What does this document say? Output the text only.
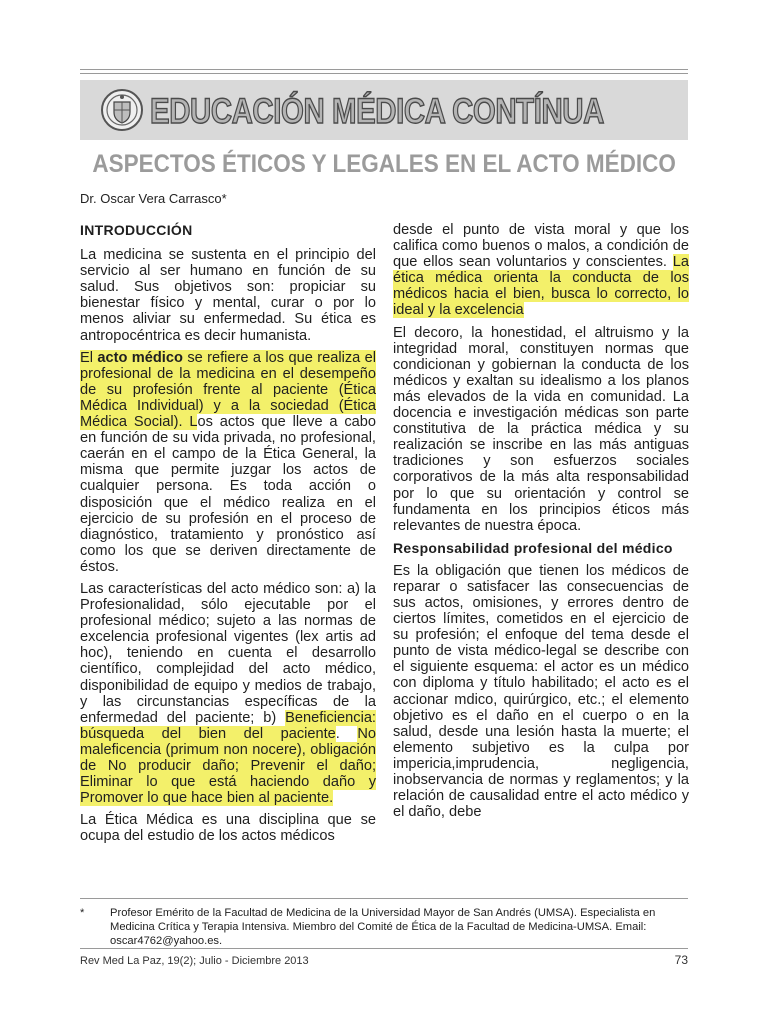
EDUCACIÓN MÉDICA CONTÍNUA
ASPECTOS ÉTICOS Y LEGALES EN EL ACTO MÉDICO
Dr. Oscar Vera Carrasco*
INTRODUCCIÓN

La medicina se sustenta en el principio del servicio al ser humano en función de su salud. Sus objetivos son: propiciar su bienestar físico y mental, curar o por lo menos aliviar su enfermedad. Su ética es antropocéntrica es decir humanista.

El acto médico se refiere a los que realiza el profesional de la medicina en el desempeño de su profesión frente al paciente (Ética Médica Individual) y a la sociedad (Ética Médica Social). Los actos que lleve a cabo en función de su vida privada, no profesional, caerán en el campo de la Ética General, la misma que permite juzgar los actos de cualquier persona. Es toda acción o disposición que el médico realiza en el ejercicio de su profesión en el proceso de diagnóstico, tratamiento y pronóstico así como los que se deriven directamente de éstos.

Las características del acto médico son: a) la Profesionalidad, sólo ejecutable por el profesional médico; sujeto a las normas de excelencia profesional vigentes (lex artis ad hoc), teniendo en cuenta el desarrollo científico, complejidad del acto médico, disponibilidad de equipo y medios de trabajo, y las circunstancias específicas de la enfermedad del paciente; b) Beneficiencia: búsqueda del bien del paciente. No maleficencia (primum non nocere), obligación de No producir daño; Prevenir el daño; Eliminar lo que está haciendo daño y Promover lo que hace bien al paciente.

La Ética Médica es una disciplina que se ocupa del estudio de los actos médicos

desde el punto de vista moral y que los califica como buenos o malos, a condición de que ellos sean voluntarios y conscientes. La ética médica orienta la conducta de los médicos hacia el bien, busca lo correcto, lo ideal y la excelencia

El decoro, la honestidad, el altruismo y la integridad moral, constituyen normas que condicionan y gobiernan la conducta de los médicos y exaltan su idealismo a los planos más elevados de la vida en comunidad. La docencia e investigación médicas son parte constitutiva de la práctica médica y su realización se inscribe en las más antiguas tradiciones y son esfuerzos sociales corporativos de la más alta responsabilidad por lo que su orientación y control se fundamenta en los principios éticos más relevantes de nuestra época.

Responsabilidad profesional del médico

Es la obligación que tienen los médicos de reparar o satisfacer las consecuencias de sus actos, omisiones, y errores dentro de ciertos límites, cometidos en el ejercicio de su profesión; el enfoque del tema desde el punto de vista médico-legal se describe con el siguiente esquema: el actor es un médico con diploma y título habilitado; el acto es el accionar mdico, quirúrgico, etc.; el elemento objetivo es el daño en el cuerpo o en la salud, desde una lesión hasta la muerte; el elemento subjetivo es la culpa por impericia,imprudencia, negligencia, inobservancia de normas y reglamentos; y la relación de causalidad entre el acto médico y el daño, debe

* Profesor Emérito de la Facultad de Medicina de la Universidad Mayor de San Andrés (UMSA). Especialista en Medicina Crítica y Terapia Intensiva. Miembro del Comité de Ética de la Facultad de Medicina-UMSA. Email: oscar4762@yahoo.es.
Rev Med La Paz, 19(2); Julio - Diciembre 2013	73
